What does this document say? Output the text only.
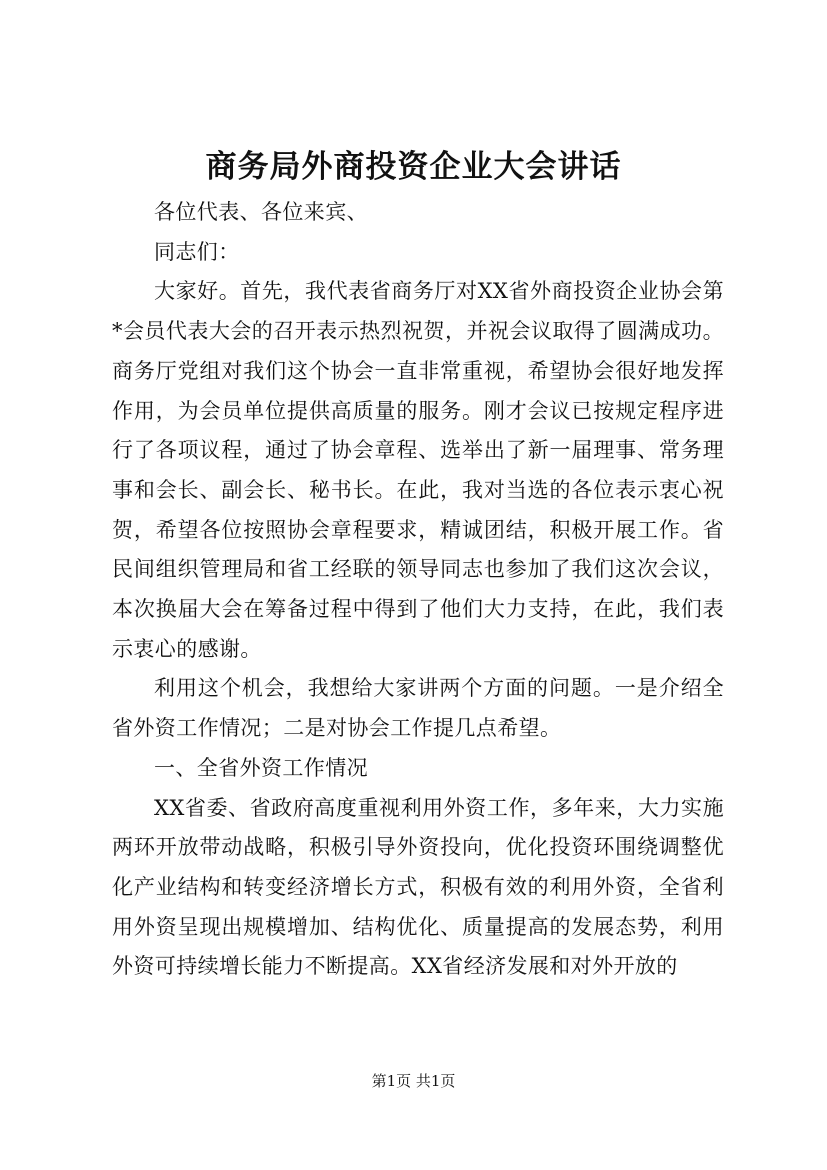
商务局外商投资企业大会讲话

各位代表、各位来宾、

同志们：

大家好。首先，我代表省商务厅对XX省外商投资企业协会第*会员代表大会的召开表示热烈祝贺，并祝会议取得了圆满成功。商务厅党组对我们这个协会一直非常重视，希望协会很好地发挥作用，为会员单位提供高质量的服务。刚才会议已按规定程序进行了各项议程，通过了协会章程、选举出了新一届理事、常务理事和会长、副会长、秘书长。在此，我对当选的各位表示衷心祝贺，希望各位按照协会章程要求，精诚团结，积极开展工作。省民间组织管理局和省工经联的领导同志也参加了我们这次会议，本次换届大会在筹备过程中得到了他们大力支持，在此，我们表示衷心的感谢。

利用这个机会，我想给大家讲两个方面的问题。一是介绍全省外资工作情况；二是对协会工作提几点希望。

一、全省外资工作情况

XX省委、省政府高度重视利用外资工作，多年来，大力实施两环开放带动战略，积极引导外资投向，优化投资环围绕调整优化产业结构和转变经济增长方式，积极有效的利用外资，全省利用外资呈现出规模增加、结构优化、质量提高的发展态势，利用外资可持续增长能力不断提高。XX省经济发展和对外开放的

第1页 共1页
